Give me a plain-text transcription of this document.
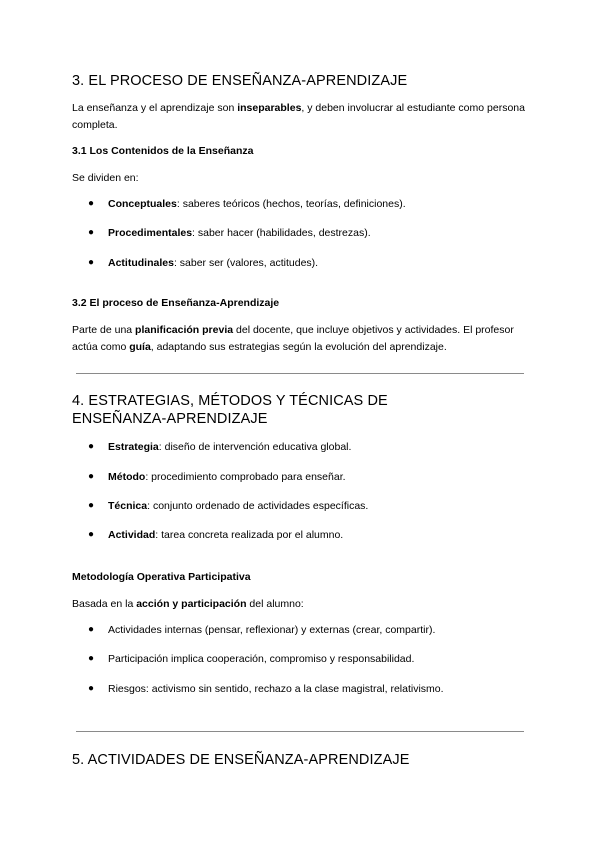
3. EL PROCESO DE ENSEÑANZA-APRENDIZAJE

La enseñanza y el aprendizaje son inseparables, y deben involucrar al estudiante como persona completa.

3.1 Los Contenidos de la Enseñanza

Se dividen en:

● Conceptuales: saberes teóricos (hechos, teorías, definiciones).
● Procedimentales: saber hacer (habilidades, destrezas).
● Actitudinales: saber ser (valores, actitudes).
3.2 El proceso de Enseñanza-Aprendizaje

Parte de una planificación previa del docente, que incluye objetivos y actividades. El profesor actúa como guía, adaptando sus estrategias según la evolución del aprendizaje.

4. ESTRATEGIAS, MÉTODOS Y TÉCNICAS DE
ENSEÑANZA-APRENDIZAJE
● Estrategia: diseño de intervención educativa global.
● Método: procedimiento comprobado para enseñar.
● Técnica: conjunto ordenado de actividades específicas.
● Actividad: tarea concreta realizada por el alumno.
Metodología Operativa Participativa

Basada en la acción y participación del alumno:

● Actividades internas (pensar, reflexionar) y externas (crear, compartir).
● Participación implica cooperación, compromiso y responsabilidad.
● Riesgos: activismo sin sentido, rechazo a la clase magistral, relativismo.
5. ACTIVIDADES DE ENSEÑANZA-APRENDIZAJE
